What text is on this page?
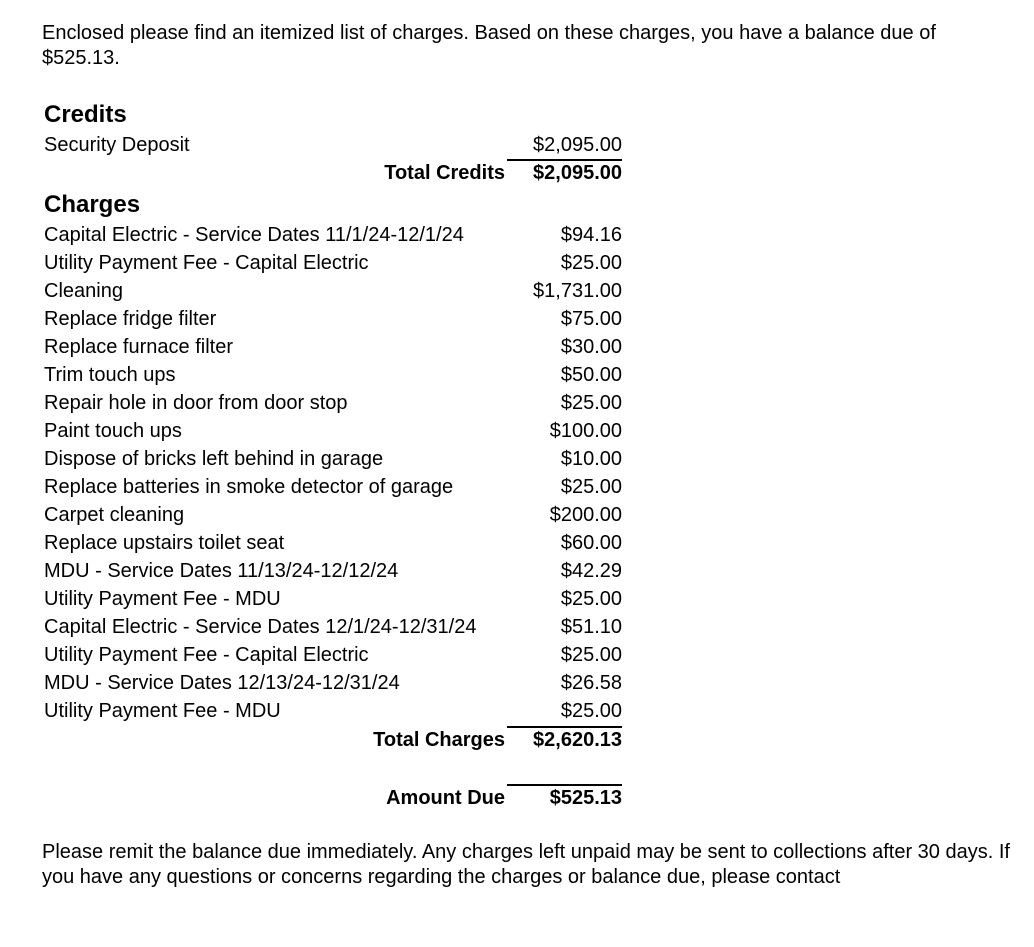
Enclosed please find an itemized list of charges. Based on these charges, you have a balance due of $525.13.

Credits
Security Deposit	$2,095.00
Total Credits $2,095.00
Charges
Capital Electric - Service Dates 11/1/24-12/1/24	$94.16
Utility Payment Fee - Capital Electric	$25.00
Cleaning	$1,731.00
Replace fridge filter	$75.00
Replace furnace filter	$30.00
Trim touch ups	$50.00
Repair hole in door from door stop	$25.00
Paint touch ups	$100.00
Dispose of bricks left behind in garage	$10.00
Replace batteries in smoke detector of garage	$25.00
Carpet cleaning	$200.00
Replace upstairs toilet seat	$60.00
MDU - Service Dates 11/13/24-12/12/24	$42.29
Utility Payment Fee - MDU	$25.00
Capital Electric - Service Dates 12/1/24-12/31/24	$51.10
Utility Payment Fee - Capital Electric	$25.00
MDU - Service Dates 12/13/24-12/31/24	$26.58
Utility Payment Fee - MDU	$25.00
Total Charges $2,620.13
Amount Due $525.13

Please remit the balance due immediately. Any charges left unpaid may be sent to collections after 30 days. If you have any questions or concerns regarding the charges or balance due, please contact
